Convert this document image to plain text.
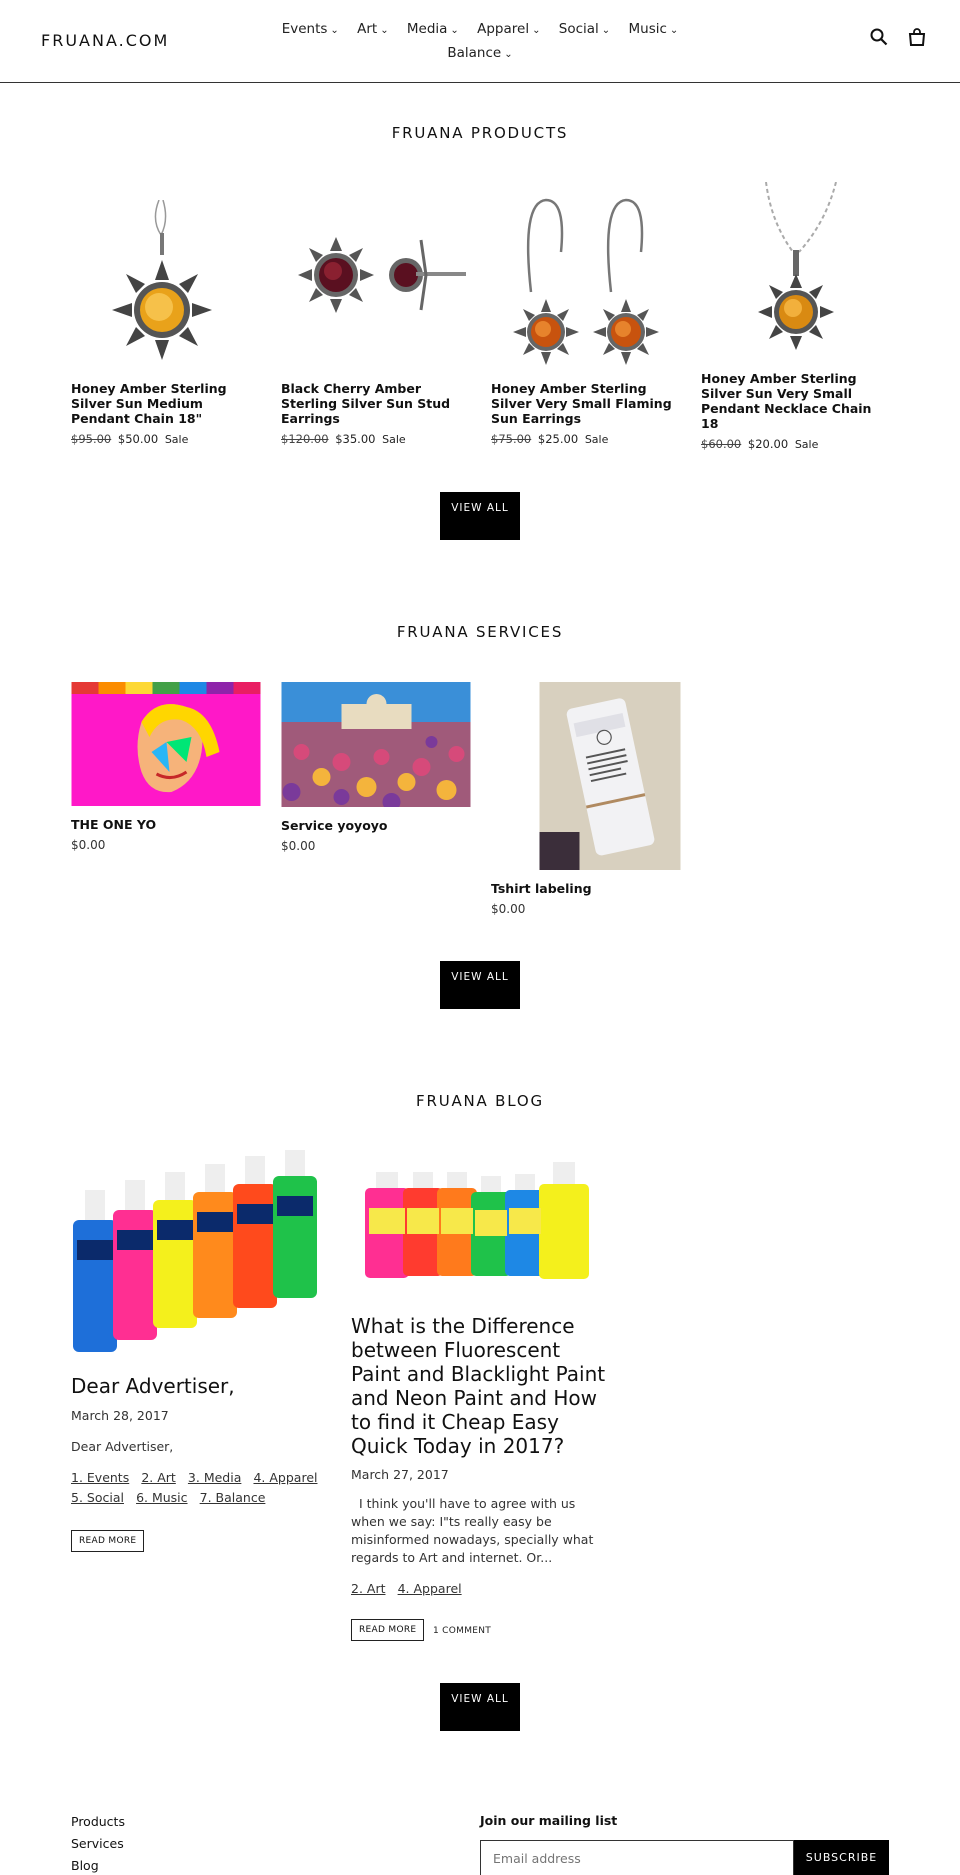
FRUANA.COM
Events ⌄ Art ⌄ Media ⌄ Apparel ⌄ Social ⌄ Music ⌄
Balance ⌄
FRUANA PRODUCTS
Honey Amber Sterling Silver Sun Medium Pendant Chain 18"
$95.00 $50.00 Sale
Black Cherry Amber Sterling Silver Sun Stud Earrings
$120.00 $35.00 Sale
Honey Amber Sterling Silver Very Small Flaming Sun Earrings
$75.00 $25.00 Sale
Honey Amber Sterling Silver Sun Very Small Pendant Necklace Chain 18
$60.00 $20.00 Sale
VIEW ALL
FRUANA SERVICES
THE ONE YO
$0.00
Service yoyoyo
$0.00
Tshirt labeling
$0.00
VIEW ALL
FRUANA BLOG
Dear Advertiser,
March 28, 2017
Dear Advertiser,
1. Events 2. Art 3. Media 4. Apparel 5. Social 6. Music 7. Balance
READ MORE
What is the Difference between Fluorescent Paint and Blacklight Paint and Neon Paint and How to find it Cheap Easy Quick Today in 2017?
March 27, 2017
I think you'll have to agree with us when we say: I"ts really easy be misinformed nowadays, specially what regards to Art and internet. Or...
2. Art 4. Apparel
READ MORE	1 COMMENT
VIEW ALL
Products
Services
Blog
Join our mailing list
Email address
SUBSCRIBE
